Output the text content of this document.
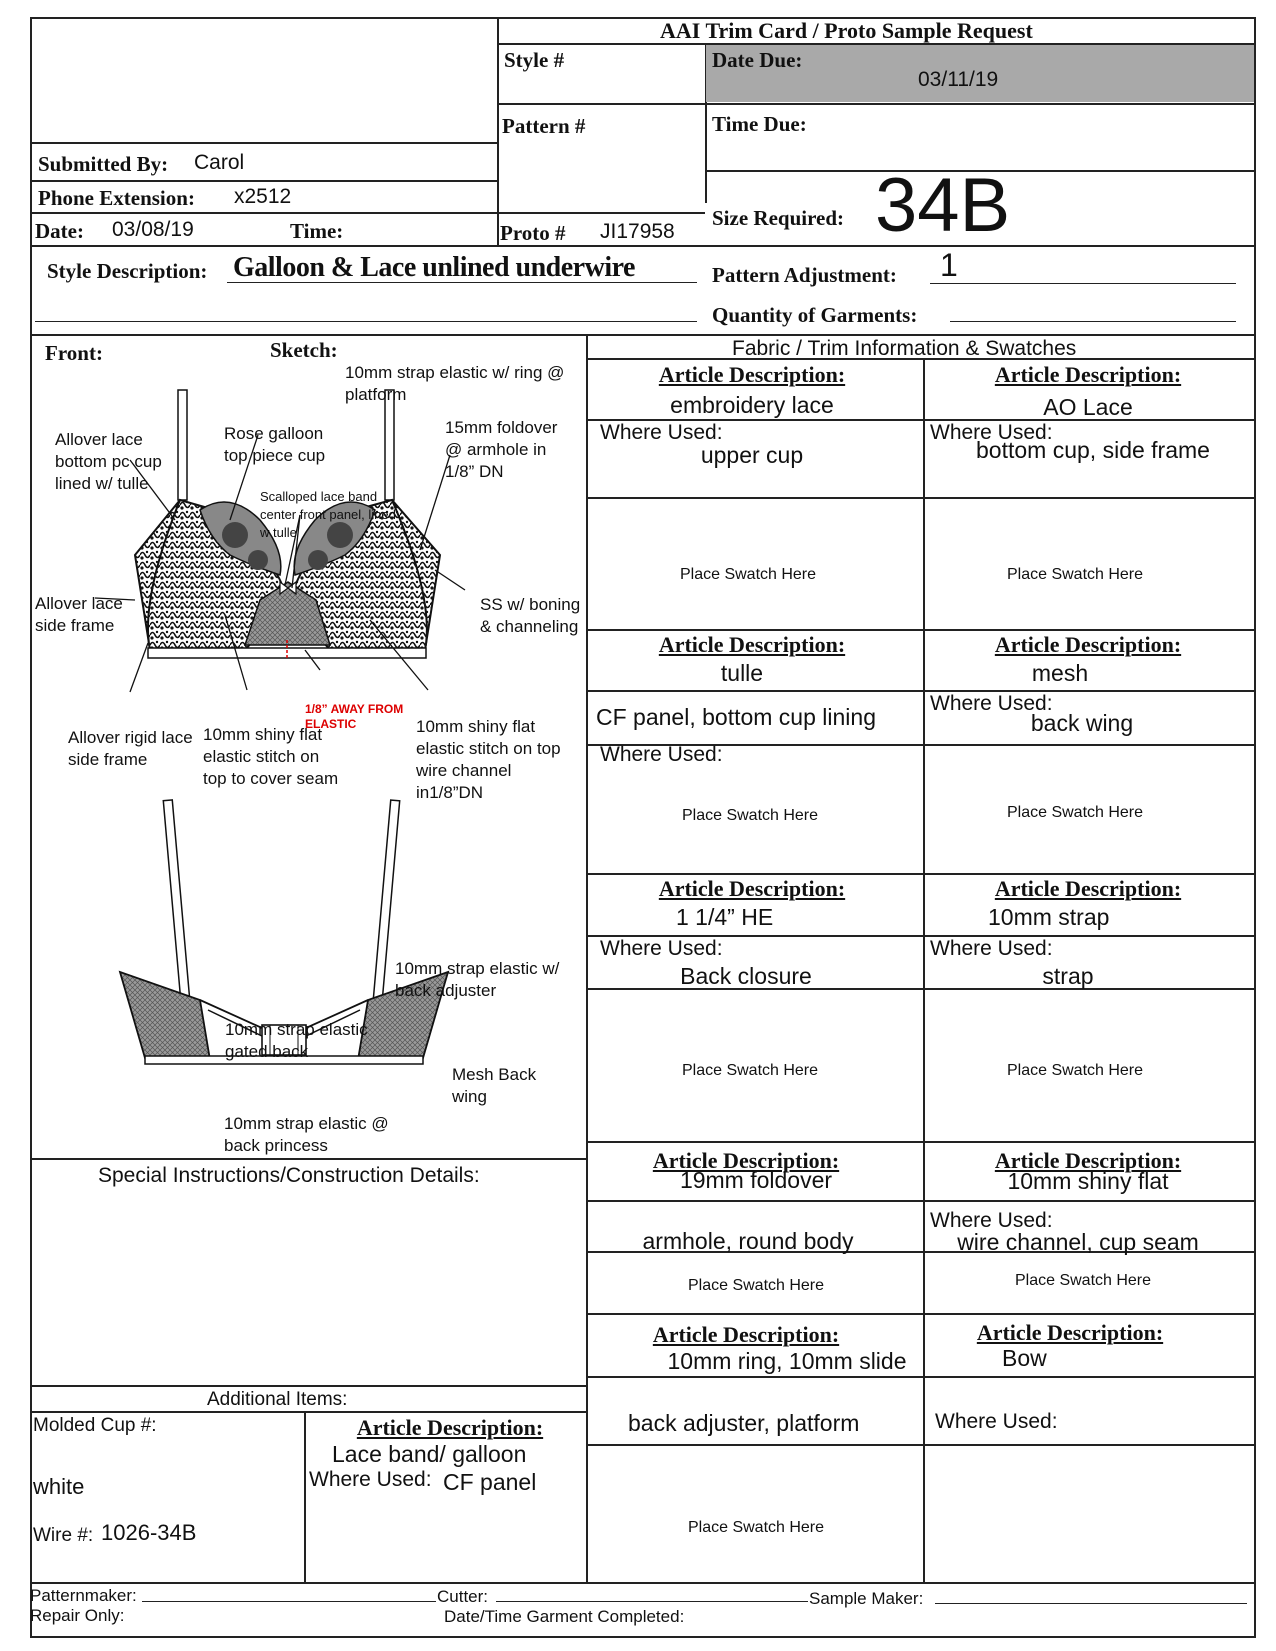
AAI Trim Card / Proto Sample Request
Style #	Date Due:
03/11/19
Pattern #	Time Due:
Proto # JI17958
Size Required: 34B
Submitted By: Carol
Phone Extension: x2512
Date: 03/08/19	Time:
Style Description: Galloon & Lace unlined underwire	Pattern Adjustment: 1
Quantity of Garments:
Front:	Sketch:
10mm strap elastic w/ ring @ platform
Allover lace bottom pc cup lined w/ tulle
Rose galloon top piece cup
15mm foldover @ armhole in 1/8” DN
Scalloped lace band center front panel, lined w tulle
Allover lace side frame
SS w/ boning & channeling
1/8” AWAY FROM ELASTIC
Allover rigid lace side frame
10mm shiny flat elastic stitch on top to cover seam
10mm shiny flat elastic stitch on top wire channel in1/8”DN
10mm strap elastic w/ back adjuster
10mm strap elastic gated back
Mesh Back wing
10mm strap elastic @ back princess
Fabric / Trim Information & Swatches
Article Description:
embroidery lace
Where Used:
upper cup
Place Swatch Here
Article Description:
AO Lace
Where Used:
bottom cup, side frame
Place Swatch Here
Article Description:
tulle
CF panel, bottom cup lining
Where Used:
Place Swatch Here
Article Description:
mesh
Where Used:
back wing
Place Swatch Here
Article Description:
1 1/4” HE
Where Used:
Back closure
Place Swatch Here
Article Description:
10mm strap
Where Used:
strap
Place Swatch Here
Article Description:
19mm foldover
armhole, round body
Place Swatch Here
Article Description:
10mm shiny flat
Where Used:
wire channel, cup seam
Place Swatch Here
Article Description:
10mm ring, 10mm slide
back adjuster, platform
Place Swatch Here
Article Description:
Bow
Where Used:
Special Instructions/Construction Details:
Additional Items:
Molded Cup #:
white
Wire #: 1026-34B
Article Description:
Lace band/ galloon
Where Used: CF panel
Patternmaker:
Repair Only:
Cutter:
Date/Time Garment Completed:
Sample Maker:
